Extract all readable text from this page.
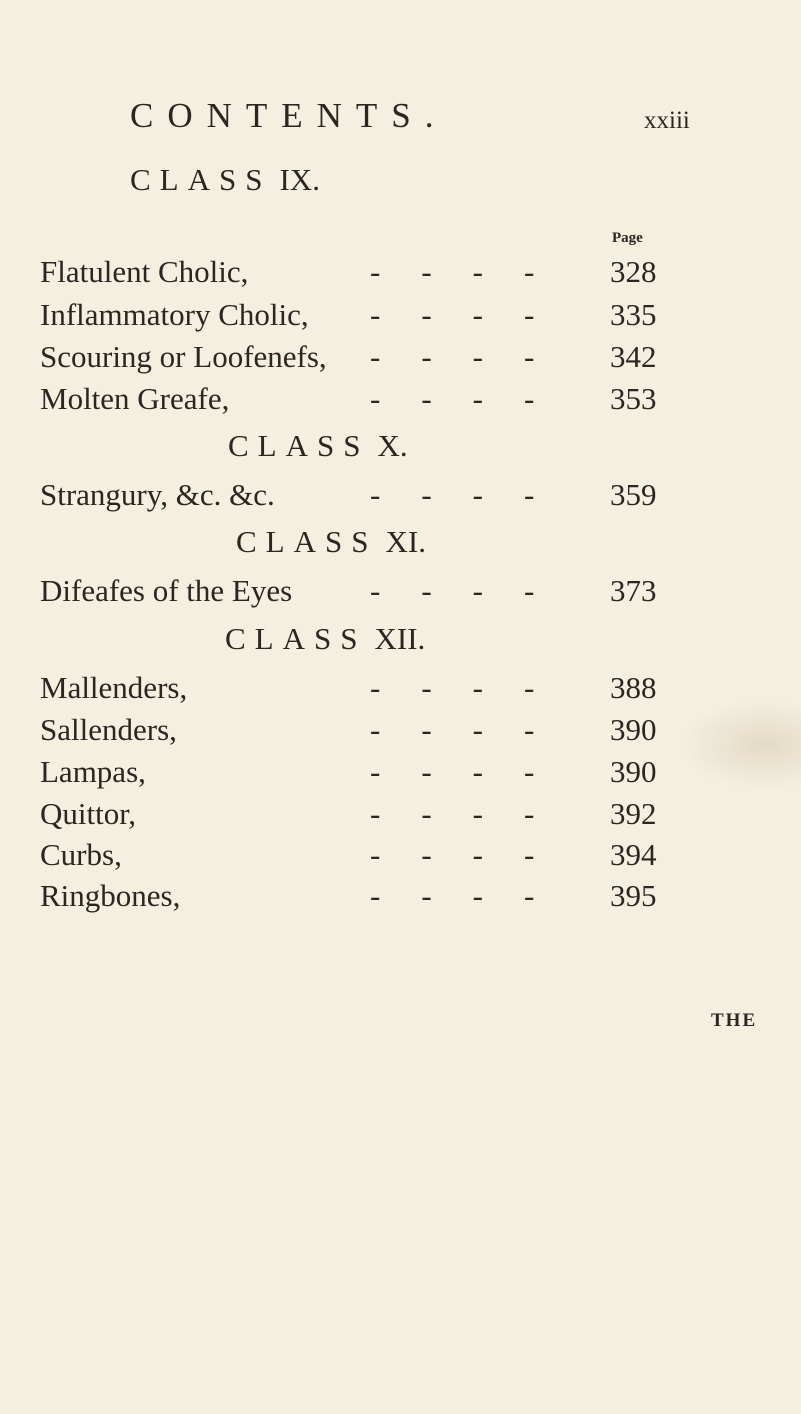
CONTENTS.	xxiii
Page
CLASS IX.
Flatulent Cholic,	-    -    -    - 328
Inflammatory Cholic, -    -    -    - 335
Scouring or Loofenefs, -    -    -    - 342
Molten Greafe,	-    -    -    - 353
CLASS X.
Strangury, &c. &c.	-    -    -    - 359
CLASS XI.
Difeafes of the Eyes	-    -    -    - 373
CLASS XII.
Mallenders,	-    -    -    - 388
Sallenders,	-    -    -    - 390
Lampas,	-    -    -    - 390
Quittor,	-    -    -    - 392
Curbs,	-    -    -    - 394
Ringbones,	-    -    -    - 395
THE
